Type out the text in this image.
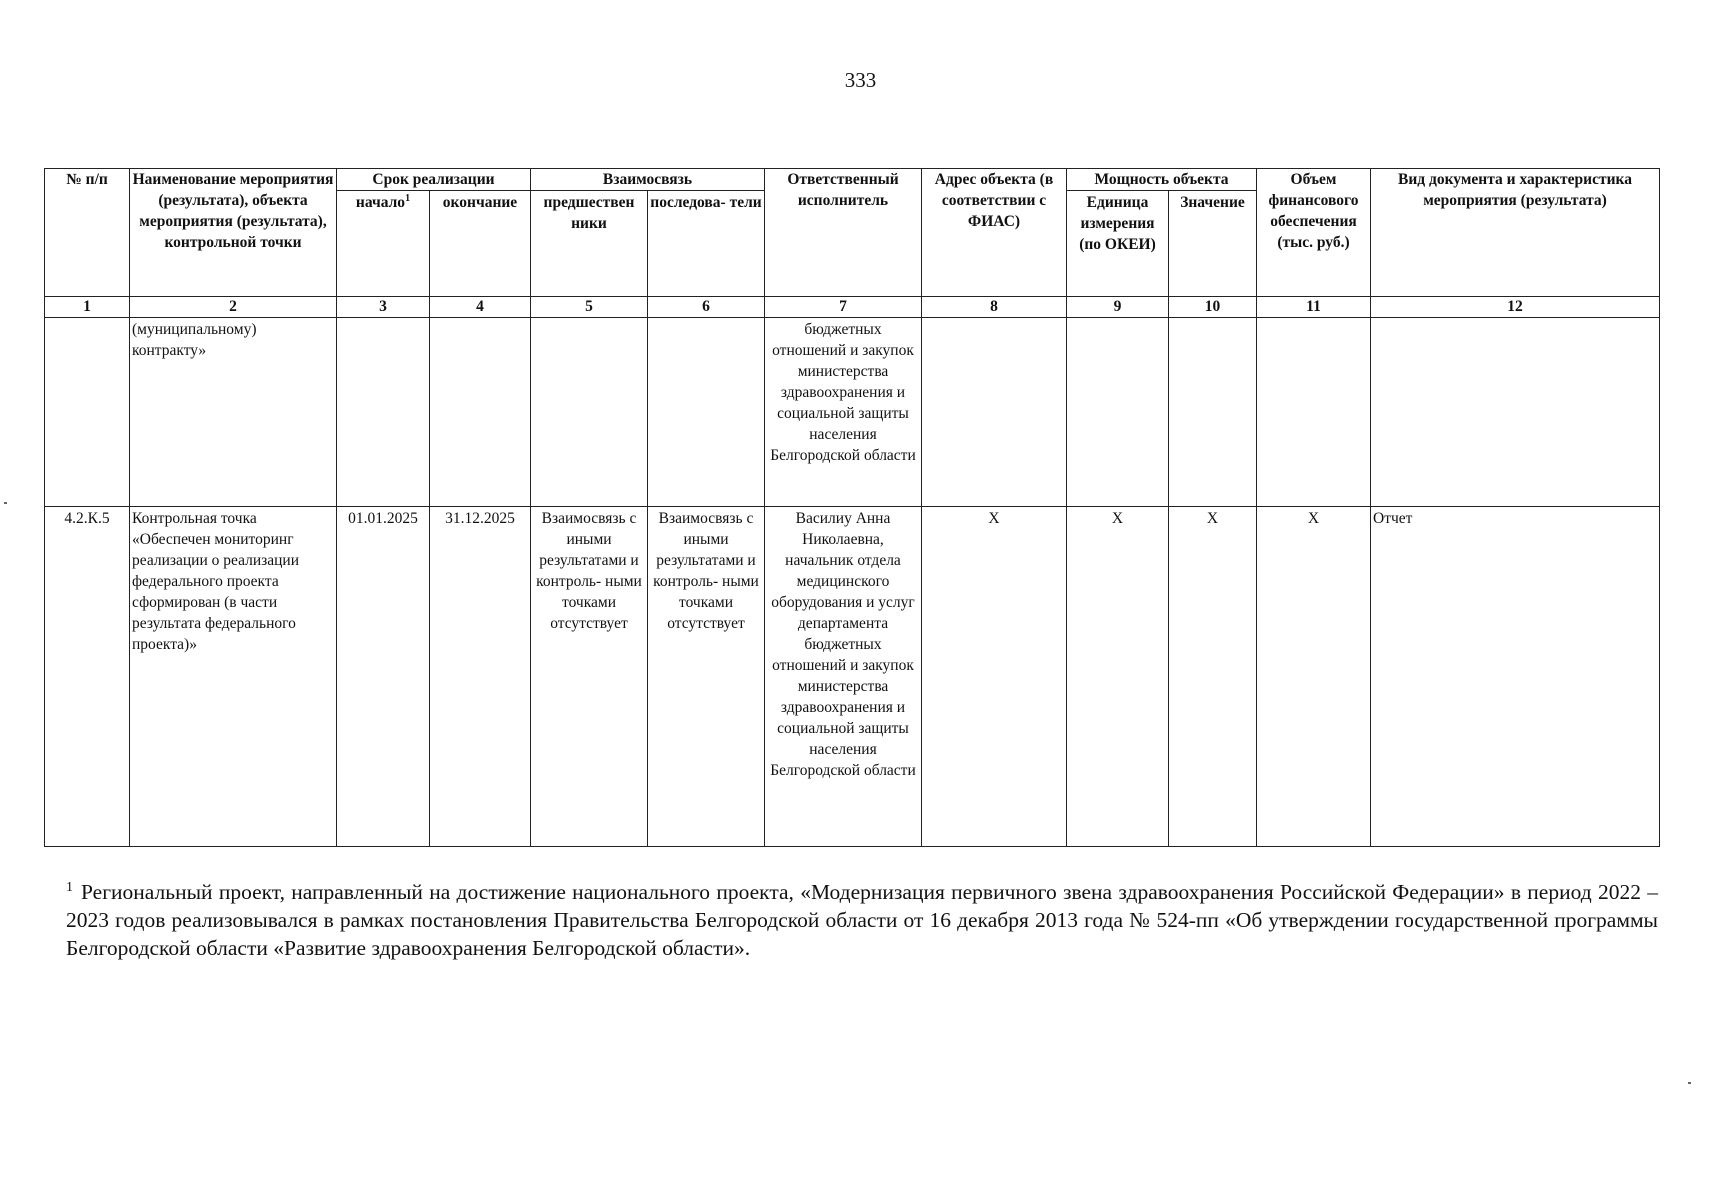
333
№ п/п	Наименование мероприятия (результата), объекта мероприятия (результата), контрольной точки	Срок реализации		Взаимосвязь		Ответственный исполнитель	Адрес объекта (в соответствии с ФИАС)	Мощность объекта		Объем финансового обеспечения (тыс. руб.)	Вид документа и характеристика мероприятия (результата)
		начало$^1$	окончание	предшествен ники	последова- тели			Единица измерения (по ОКЕИ)	Значение		
1	2	3	4	5	6	7	8	9	10	11	12
	(муниципальному) контракту»					бюджетных отношений и закупок министерства здравоохранения и социальной защиты населения Белгородской области					
4.2.К.5	Контрольная точка «Обеспечен мониторинг реализации о реализации федерального проекта сформирован (в части результата федерального проекта)»	01.01.2025	31.12.2025	Взаимосвязь с иными результатами и контроль- ными точками отсутствует	Взаимосвязь с иными результатами и контроль- ными точками отсутствует	Василиу Анна Николаевна, начальник отдела медицинского оборудования и услуг департамента бюджетных отношений и закупок министерства здравоохранения и социальной защиты населения Белгородской области	Х	Х	Х	Х	Отчет
$^1$ Региональный проект, направленный на достижение национального проекта, «Модернизация первичного звена здравоохранения Российской Федерации» в период 2022 – 2023 годов реализовывался в рамках постановления Правительства Белгородской области от 16 декабря 2013 года № 524-пп «Об утверждении государственной программы Белгородской области «Развитие здравоохранения Белгородской области».
